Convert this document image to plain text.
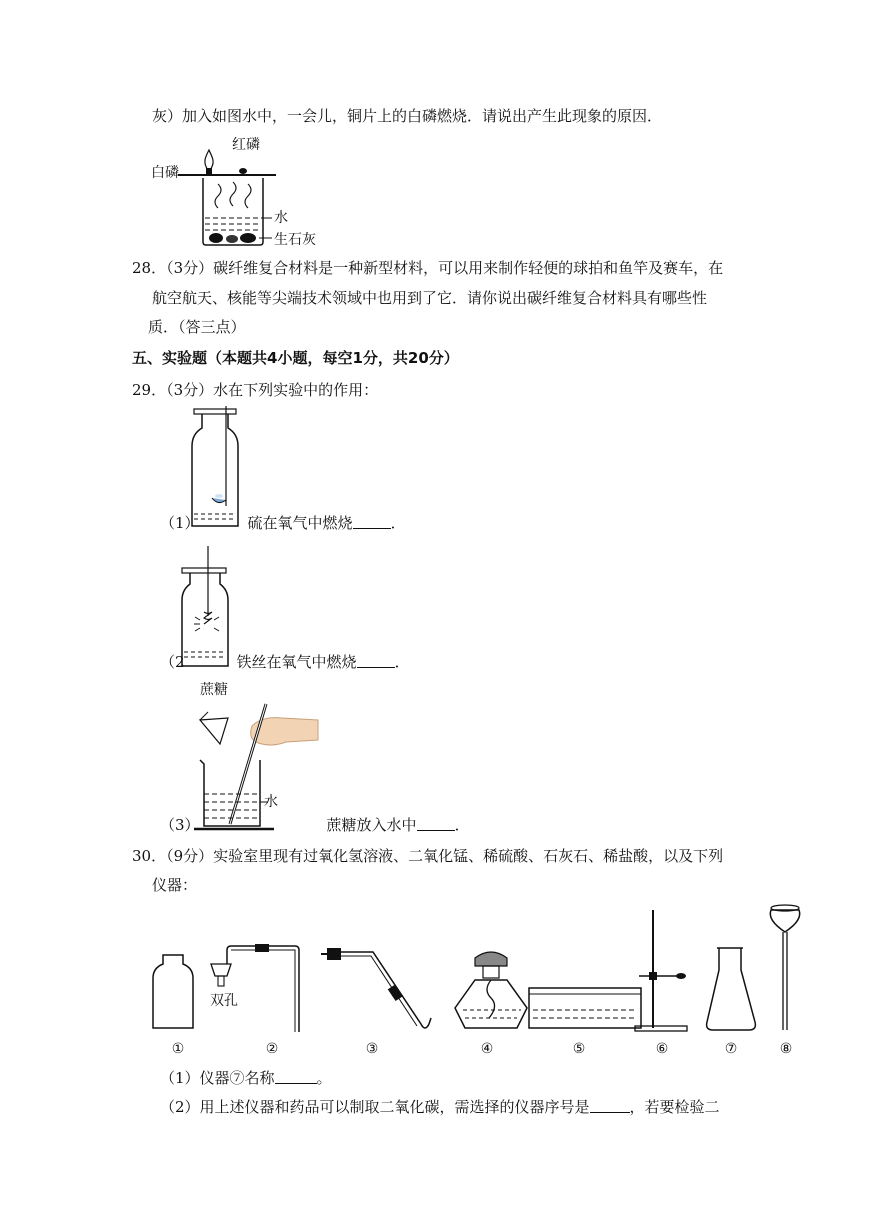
灰）加入如图水中，一会儿，铜片上的白磷燃烧．请说出产生此现象的原因．
红磷
白磷
水
生石灰
28．（3分）碳纤维复合材料是一种新型材料，可以用来制作轻便的球拍和鱼竿及赛车，在
航空航天、核能等尖端技术领域中也用到了它．请你说出碳纤维复合材料具有哪些性
质．（答三点）
五、实验题（本题共4小题，每空1分，共20分）
29．（3分）水在下列实验中的作用：
（1）	硫在氧气中燃烧	．
（2	铁丝在氧气中燃烧	．
蔗糖
水
（3）	蔗糖放入水中	．
30．（9分）实验室里现有过氧化氢溶液、二氧化锰、稀硫酸、石灰石、稀盐酸，以及下列
仪器：
双孔
①	②	③	④	⑤	⑥	⑦	⑧
（1）仪器⑦名称	。
（2）用上述仪器和药品可以制取二氧化碳，需选择的仪器序号是	，若要检验二
